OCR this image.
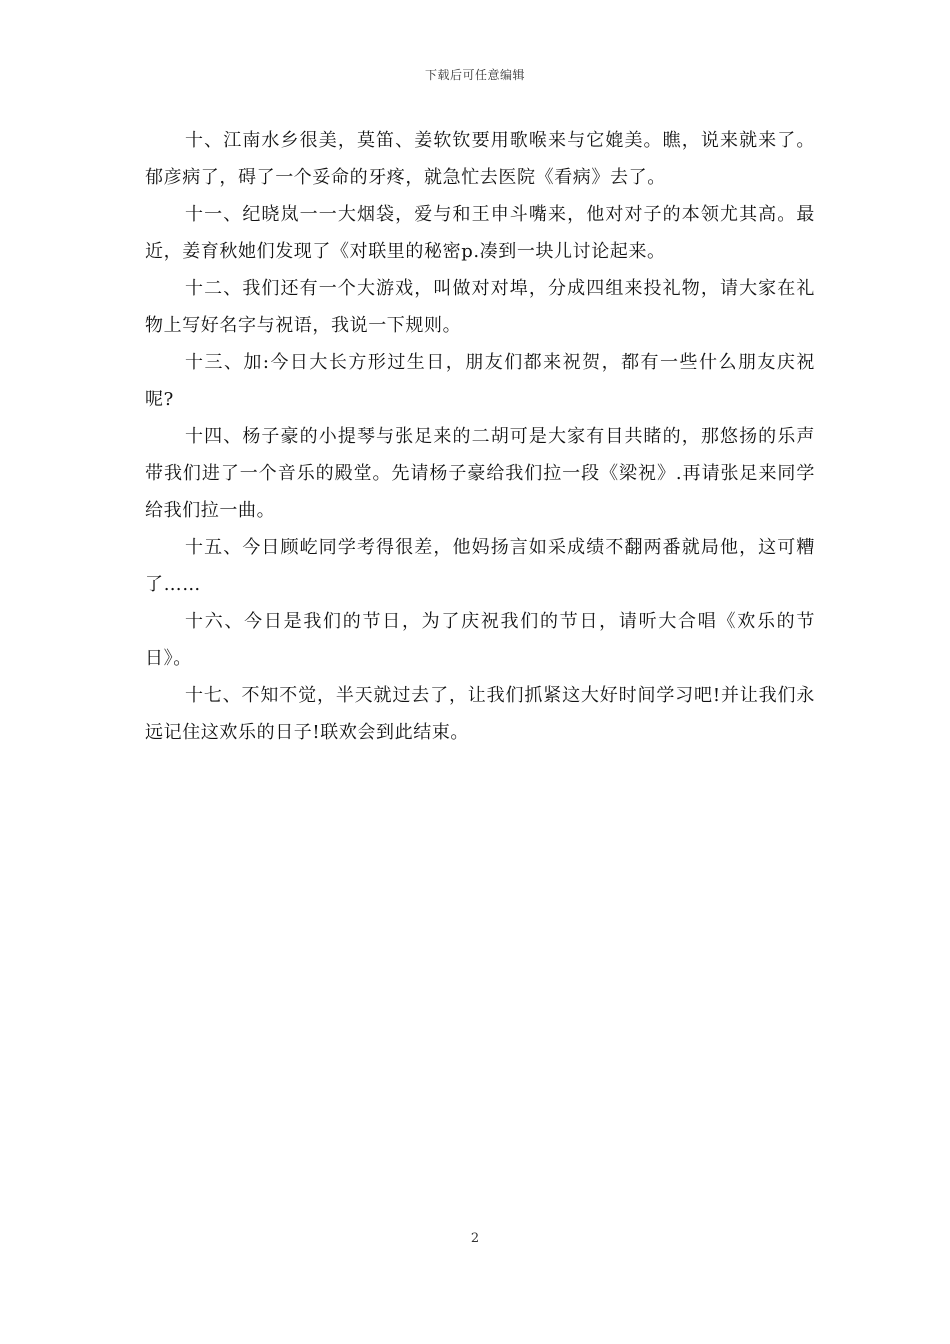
下载后可任意编辑

十、江南水乡很美，莫笛、姜软钦要用歌喉来与它媲美。瞧，说来就来了。郁彦病了，碍了一个妥命的牙疼，就急忙去医院《看病》去了。

十一、纪晓岚一一大烟袋，爱与和王申斗嘴来，他对对子的本领尤其高。最近，姜育秋她们发现了《对联里的秘密p.凑到一块儿讨论起来。

十二、我们还有一个大游戏，叫做对对埠，分成四组来投礼物，请大家在礼物上写好名字与祝语，我说一下规则。

十三、加:今日大长方形过生日，朋友们都来祝贺，都有一些什么朋友庆祝呢?

十四、杨子豪的小提琴与张足来的二胡可是大家有目共睹的，那悠扬的乐声带我们进了一个音乐的殿堂。先请杨子豪给我们拉一段《梁祝》.再请张足来同学给我们拉一曲。

十五、今日顾屹同学考得很差，他妈扬言如采成绩不翻两番就局他，这可糟了……

十六、今日是我们的节日，为了庆祝我们的节日，请听大合唱《欢乐的节日》。

十七、不知不觉，半天就过去了，让我们抓紧这大好时间学习吧!并让我们永远记住这欢乐的日子!联欢会到此结束。

2
